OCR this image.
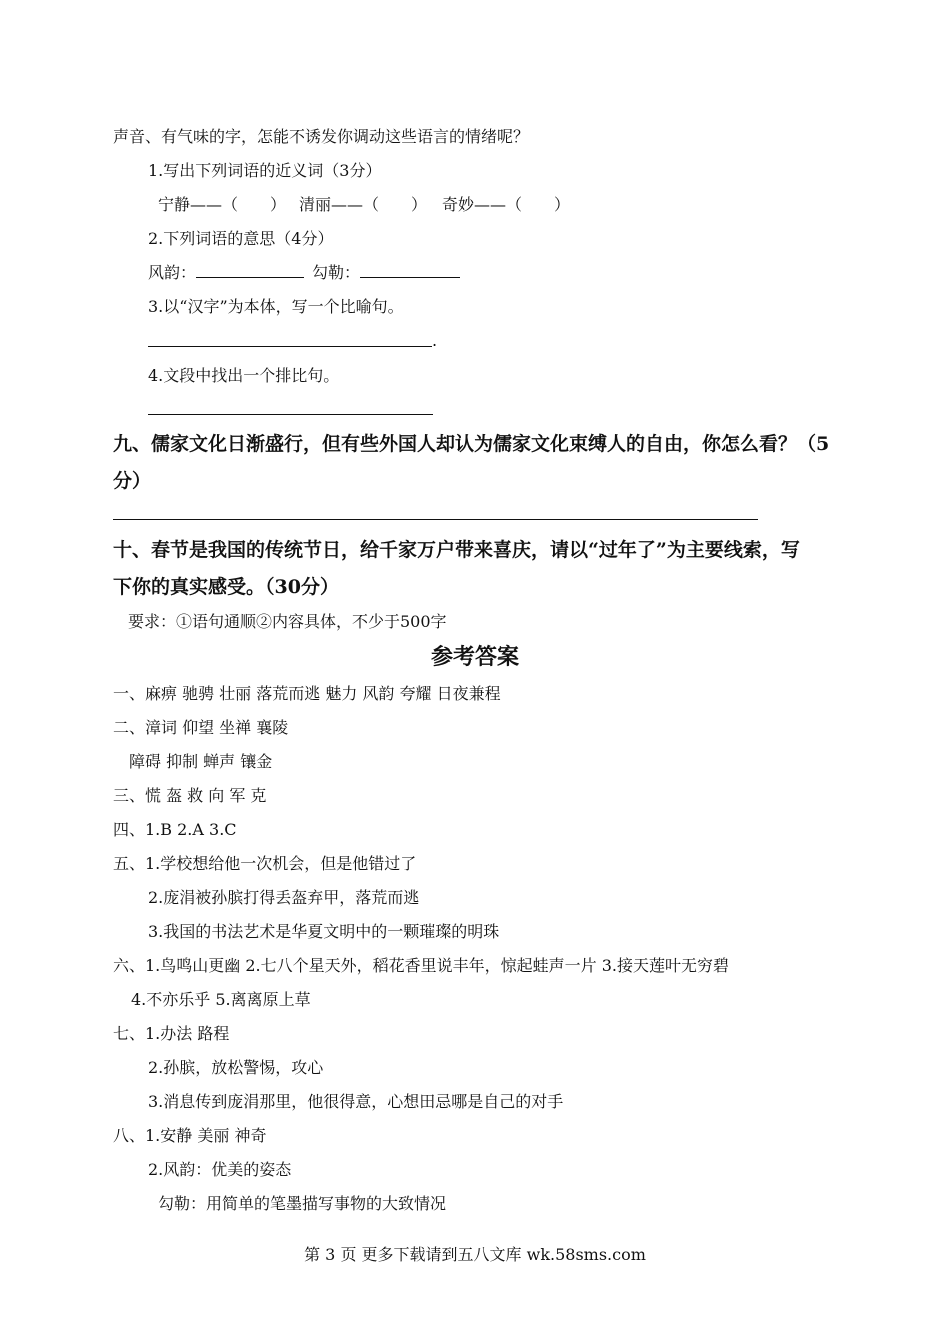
声音、有气味的字，怎能不诱发你调动这些语言的情绪呢？
1.写出下列词语的近义词（3分）
宁静——（　　） 清丽——（　　） 奇妙——（　　）
2.下列词语的意思（4分）
风韵：	勾勒：
3.以“汉字”为本体，写一个比喻句。
.
4.文段中找出一个排比句。
九、儒家文化日渐盛行，但有些外国人却认为儒家文化束缚人的自由，你怎么看？（5
分）
十、春节是我国的传统节日，给千家万户带来喜庆，请以“过年了”为主要线索，写
下你的真实感受。（30分）
要求：①语句通顺②内容具体，不少于500字
参考答案
一、麻痹 驰骋 壮丽 落荒而逃 魅力 风韵 夸耀 日夜兼程
二、漳词 仰望 坐禅 襄陵
障碍 抑制 蝉声 镶金
三、慌 盔 救 向 军 克
四、1.B 2.A 3.C
五、1.学校想给他一次机会，但是他错过了
2.庞涓被孙膑打得丢盔弃甲，落荒而逃
3.我国的书法艺术是华夏文明中的一颗璀璨的明珠
六、1.鸟鸣山更幽 2.七八个星天外，稻花香里说丰年，惊起蛙声一片 3.接天莲叶无穷碧
4.不亦乐乎 5.离离原上草
七、1.办法 路程
2.孙膑，放松警惕，攻心
3.消息传到庞涓那里，他很得意，心想田忌哪是自己的对手
八、1.安静 美丽 神奇
2.风韵：优美的姿态
勾勒：用简单的笔墨描写事物的大致情况
第 3 页 更多下载请到五八文库 wk.58sms.com
